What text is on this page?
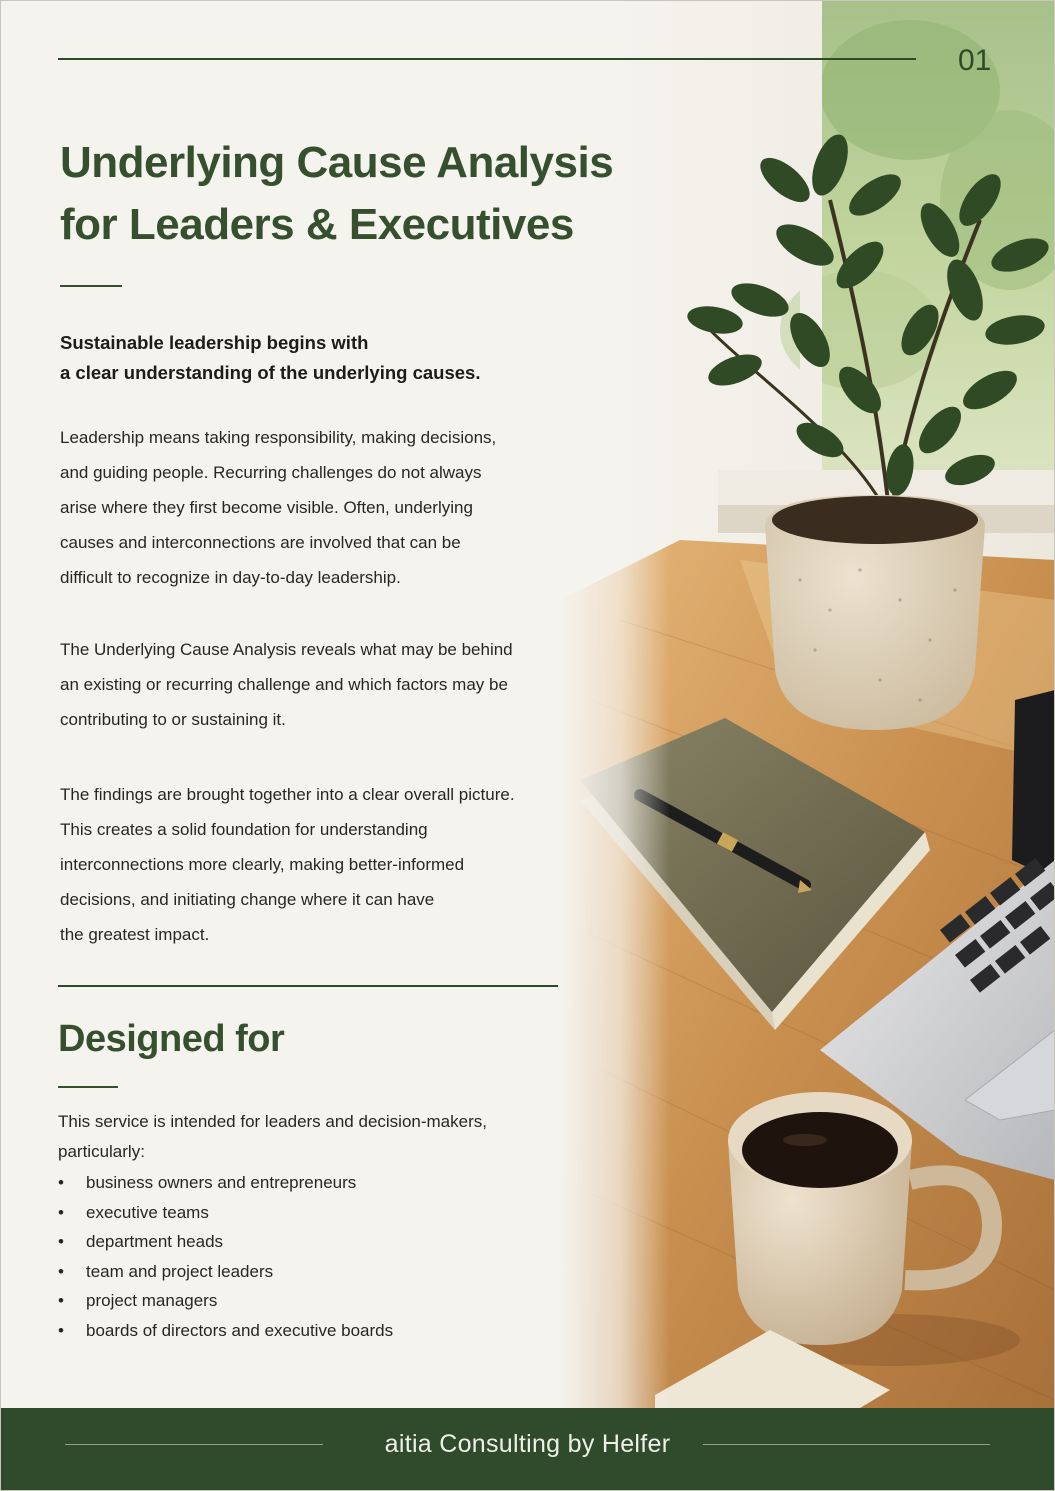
01
Underlying Cause Analysis
for Leaders & Executives
Sustainable leadership begins with
a clear understanding of the underlying causes.
Leadership means taking responsibility, making decisions,
and guiding people. Recurring challenges do not always
arise where they first become visible. Often, underlying
causes and interconnections are involved that can be
difficult to recognize in day-to-day leadership.
The Underlying Cause Analysis reveals what may be behind
an existing or recurring challenge and which factors may be
contributing to or sustaining it.
The findings are brought together into a clear overall picture.
This creates a solid foundation for understanding
interconnections more clearly, making better-informed
decisions, and initiating change where it can have
the greatest impact.
Designed for
This service is intended for leaders and decision-makers,
particularly:
• business owners and entrepreneurs
• executive teams
• department heads
• team and project leaders
• project managers
• boards of directors and executive boards
aitia Consulting by Helfer
